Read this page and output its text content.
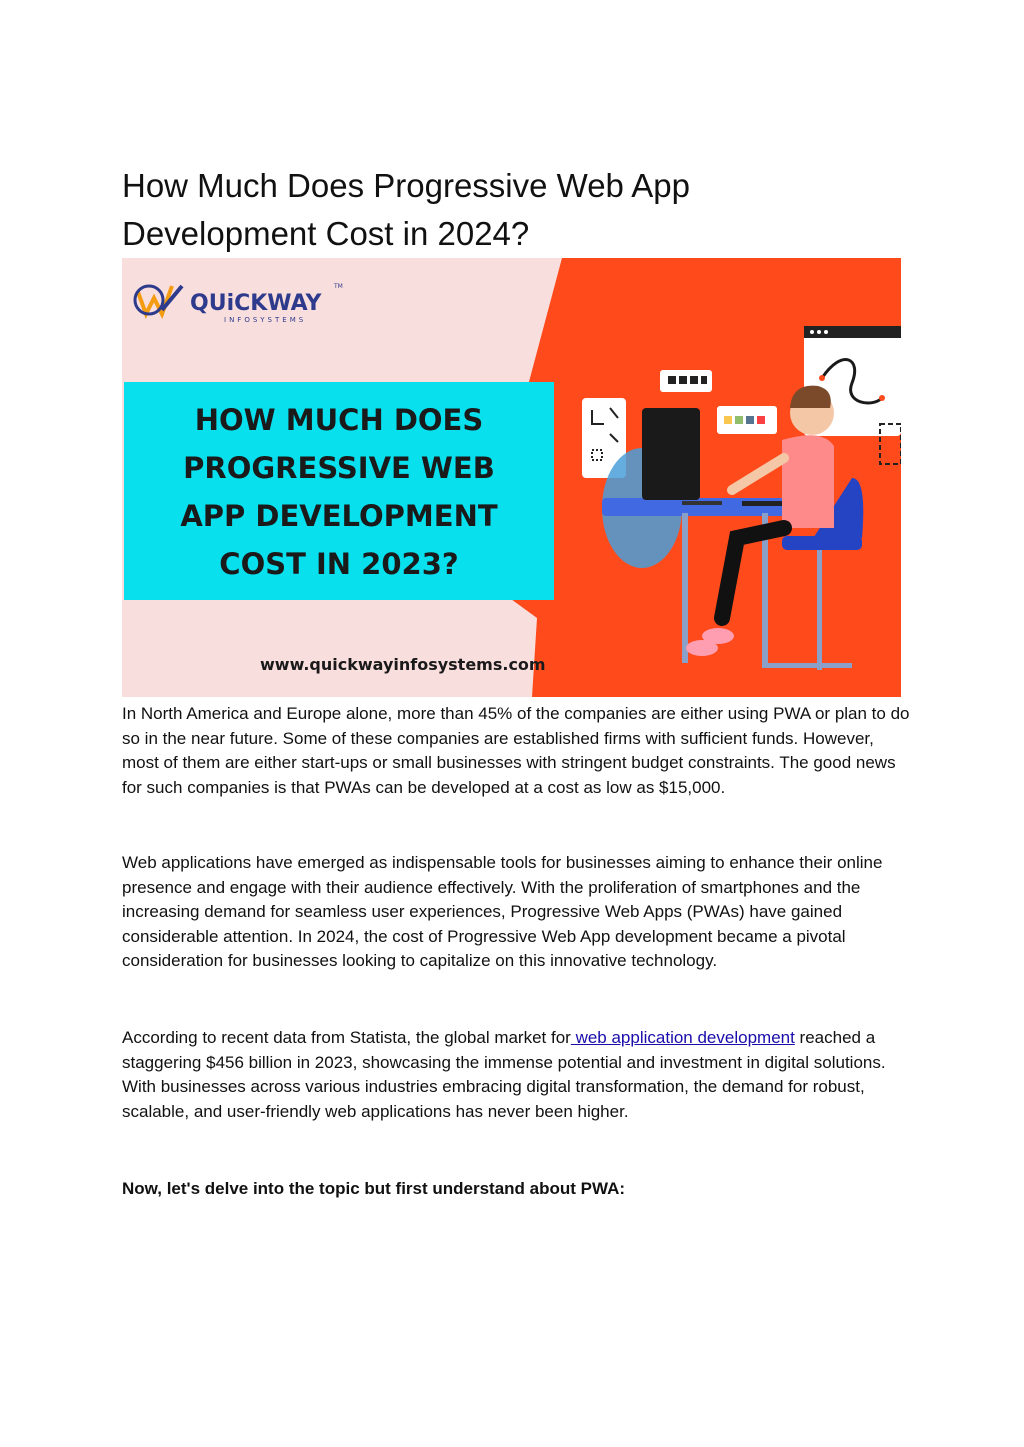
How Much Does Progressive Web App
Development Cost in 2024?
QUiCKWAY
INFOSYSTEMS
TM
HOW MUCH DOES
PROGRESSIVE WEB
APP DEVELOPMENT
COST IN 2023?
www.quickwayinfosystems.com

In North America and Europe alone, more than 45% of the companies are either using PWA or plan to do so in the near future. Some of these companies are established firms with sufficient funds. However, most of them are either start-ups or small businesses with stringent budget constraints. The good news for such companies is that PWAs can be developed at a cost as low as $15,000.

Web applications have emerged as indispensable tools for businesses aiming to enhance their online presence and engage with their audience effectively. With the proliferation of smartphones and the increasing demand for seamless user experiences, Progressive Web Apps (PWAs) have gained considerable attention. In 2024, the cost of Progressive Web App development became a pivotal consideration for businesses looking to capitalize on this innovative technology.

According to recent data from Statista, the global market for web application development reached a staggering $456 billion in 2023, showcasing the immense potential and investment in digital solutions. With businesses across various industries embracing digital transformation, the demand for robust, scalable, and user-friendly web applications has never been higher.

Now, let's delve into the topic but first understand about PWA:
